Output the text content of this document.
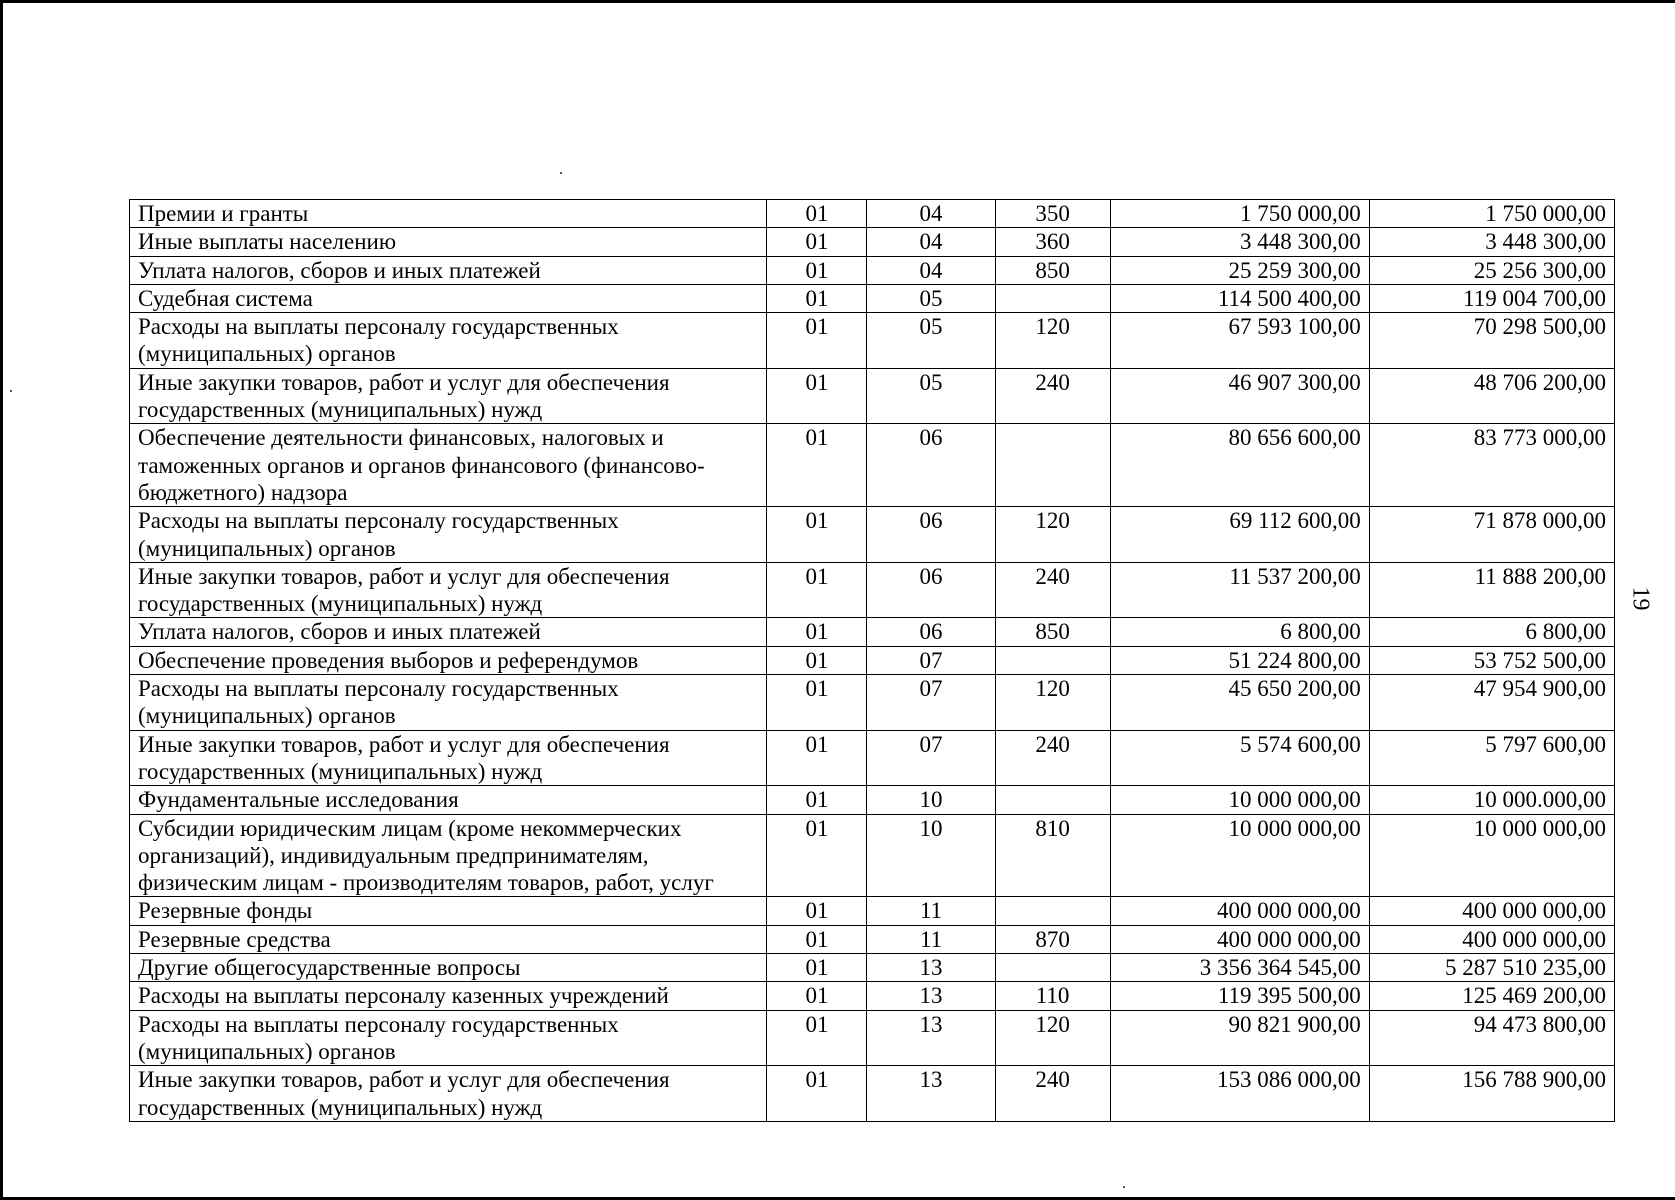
Премии и гранты	01	04	350	1 750 000,00	1 750 000,00
Иные выплаты населению	01	04	360	3 448 300,00	3 448 300,00
Уплата налогов, сборов и иных платежей	01	04	850	25 259 300,00	25 256 300,00
Судебная система	01	05		114 500 400,00	119 004 700,00
Расходы на выплаты персоналу государственных (муниципальных) органов	01	05	120	67 593 100,00	70 298 500,00
Иные закупки товаров, работ и услуг для обеспечения государственных (муниципальных) нужд	01	05	240	46 907 300,00	48 706 200,00
Обеспечение деятельности финансовых, налоговых и таможенных органов и органов финансового (финансово-бюджетного) надзора	01	06		80 656 600,00	83 773 000,00
Расходы на выплаты персоналу государственных (муниципальных) органов	01	06	120	69 112 600,00	71 878 000,00
Иные закупки товаров, работ и услуг для обеспечения государственных (муниципальных) нужд	01	06	240	11 537 200,00	11 888 200,00
Уплата налогов, сборов и иных платежей	01	06	850	6 800,00	6 800,00
Обеспечение проведения выборов и референдумов	01	07		51 224 800,00	53 752 500,00
Расходы на выплаты персоналу государственных (муниципальных) органов	01	07	120	45 650 200,00	47 954 900,00
Иные закупки товаров, работ и услуг для обеспечения государственных (муниципальных) нужд	01	07	240	5 574 600,00	5 797 600,00
Фундаментальные исследования	01	10		10 000 000,00	10 000.000,00
Субсидии юридическим лицам (кроме некоммерческих организаций), индивидуальным предпринимателям, физическим лицам - производителям товаров, работ, услуг	01	10	810	10 000 000,00	10 000 000,00
Резервные фонды	01	11		400 000 000,00	400 000 000,00
Резервные средства	01	11	870	400 000 000,00	400 000 000,00
Другие общегосударственные вопросы	01	13		3 356 364 545,00	5 287 510 235,00
Расходы на выплаты персоналу казенных учреждений	01	13	110	119 395 500,00	125 469 200,00
Расходы на выплаты персоналу государственных (муниципальных) органов	01	13	120	90 821 900,00	94 473 800,00
Иные закупки товаров, работ и услуг для обеспечения государственных (муниципальных) нужд	01	13	240	153 086 000,00	156 788 900,00
19
